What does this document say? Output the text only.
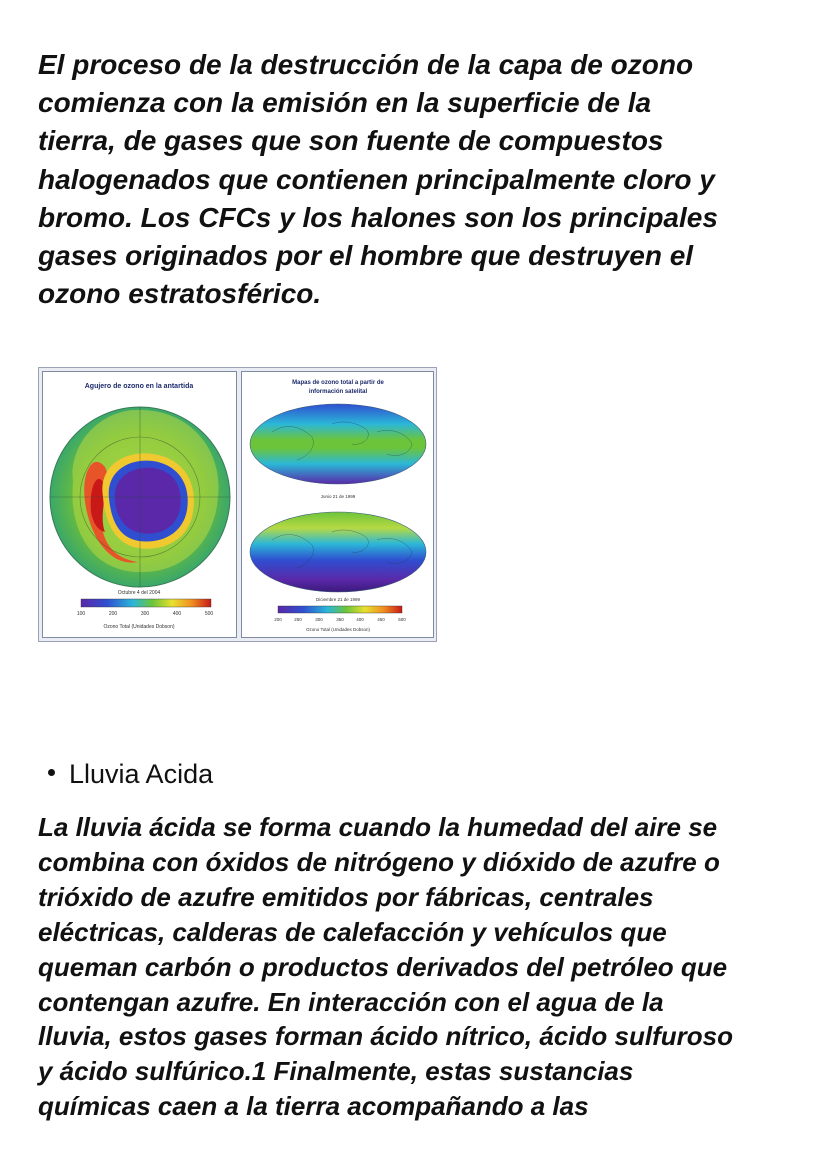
El proceso de la destrucción de la capa de ozono
comienza con la emisión en la superficie de la
tierra, de gases que son fuente de compuestos
halogenados que contienen principalmente cloro y
bromo. Los CFCs y los halones son los principales
gases originados por el hombre que destruyen el
ozono estratosférico.

Agujero de ozono en la antartida
Octubre 4 del 2004
100	200	300	400	500
Ozono Total (Unidades Dobson)
Mapas de ozono total a partir de
información satelital
Junio 21 de 1999
Diciembre 21 de 1999
200	250	300	350	400	450	500
Ozono Total (Unidades Dobson)
Lluvia Acida

La lluvia ácida se forma cuando la humedad del aire se
combina con óxidos de nitrógeno y dióxido de azufre o
trióxido de azufre emitidos por fábricas, centrales
eléctricas, calderas de calefacción y vehículos que
queman carbón o productos derivados del petróleo que
contengan azufre. En interacción con el agua de la
lluvia, estos gases forman ácido nítrico, ácido sulfuroso
y ácido sulfúrico.1 Finalmente, estas sustancias
químicas caen a la tierra acompañando a las
